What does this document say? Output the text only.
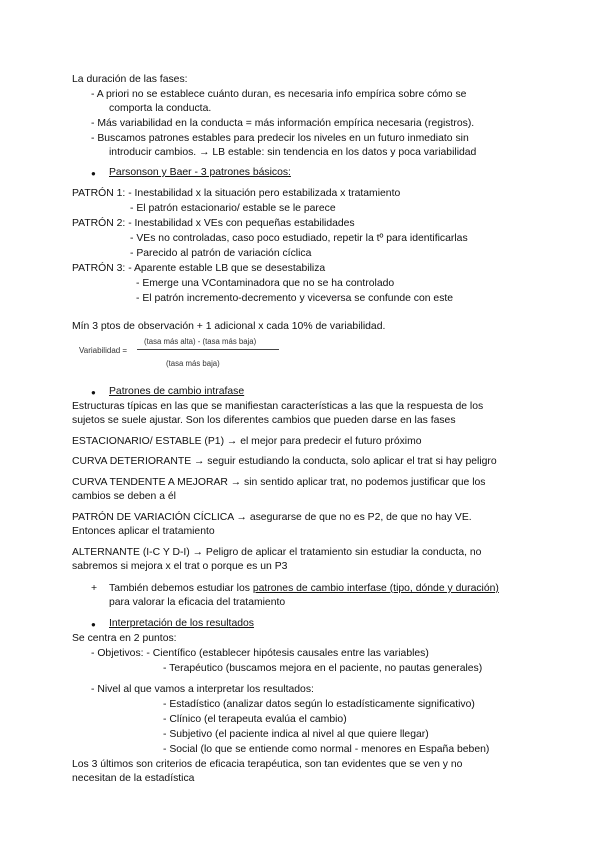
La duración de las fases:
- A priori no se establece cuánto duran, es necesaria info empírica sobre cómo se
comporta la conducta.
- Más variabilidad en la conducta = más información empírica necesaria (registros).
- Buscamos patrones estables para predecir los niveles en un futuro inmediato sin
introducir cambios. → LB estable: sin tendencia en los datos y poca variabilidad
● Parsonson y Baer - 3 patrones básicos:
PATRÓN 1: - Inestabilidad x la situación pero estabilizada x tratamiento
- El patrón estacionario/ estable se le parece
PATRÓN 2: - Inestabilidad x VEs con pequeñas estabilidades
- VEs no controladas, caso poco estudiado, repetir la tº para identificarlas
- Parecido al patrón de variación cíclica
PATRÓN 3: - Aparente estable LB que se desestabiliza
- Emerge una VContaminadora que no se ha controlado
- El patrón incremento-decremento y viceversa se confunde con este
Mín 3 ptos de observación + 1 adicional x cada 10% de variabilidad.
Variabilidad =
(tasa más alta) - (tasa más baja)
(tasa más baja)
● Patrones de cambio intrafase
Estructuras típicas en las que se manifiestan características a las que la respuesta de los
sujetos se suele ajustar. Son los diferentes cambios que pueden darse en las fases
ESTACIONARIO/ ESTABLE (P1) → el mejor para predecir el futuro próximo
CURVA DETERIORANTE → seguir estudiando la conducta, solo aplicar el trat si hay peligro
CURVA TENDENTE A MEJORAR → sin sentido aplicar trat, no podemos justificar que los
cambios se deben a él
PATRÓN DE VARIACIÓN CÍCLICA → asegurarse de que no es P2, de que no hay VE.
Entonces aplicar el tratamiento
ALTERNANTE (I-C Y D-I) → Peligro de aplicar el tratamiento sin estudiar la conducta, no
sabremos si mejora x el trat o porque es un P3
+ También debemos estudiar los patrones de cambio interfase (tipo, dónde y duración)
para valorar la eficacia del tratamiento
● Interpretación de los resultados
Se centra en 2 puntos:
- Objetivos: - Científico (establecer hipótesis causales entre las variables)
- Terapéutico (buscamos mejora en el paciente, no pautas generales)
- Nivel al que vamos a interpretar los resultados:
- Estadístico (analizar datos según lo estadísticamente significativo)
- Clínico (el terapeuta evalúa el cambio)
- Subjetivo (el paciente indica al nivel al que quiere llegar)
- Social (lo que se entiende como normal - menores en España beben)
Los 3 últimos son criterios de eficacia terapéutica, son tan evidentes que se ven y no
necesitan de la estadística
